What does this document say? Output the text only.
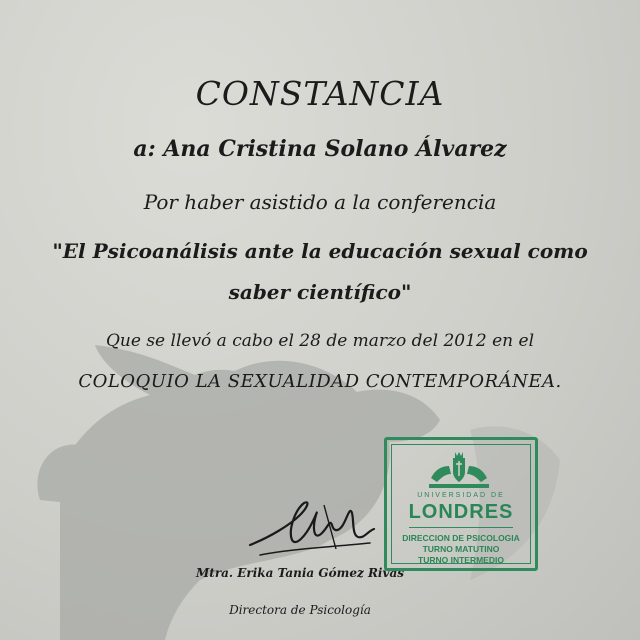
CONSTANCIA
a: Ana Cristina Solano Álvarez
Por haber asistido a la conferencia
"El Psicoanálisis ante la educación sexual como
saber científico"
Que se llevó a cabo el 28 de marzo del 2012 en el
COLOQUIO LA SEXUALIDAD CONTEMPORÁNEA.
Mtra. Erika Tania Gómez Rivas
Directora de Psicología
UNIVERSIDAD DE
LONDRES
DIRECCION DE PSICOLOGIA
TURNO MATUTINO
TURNO INTERMEDIO
